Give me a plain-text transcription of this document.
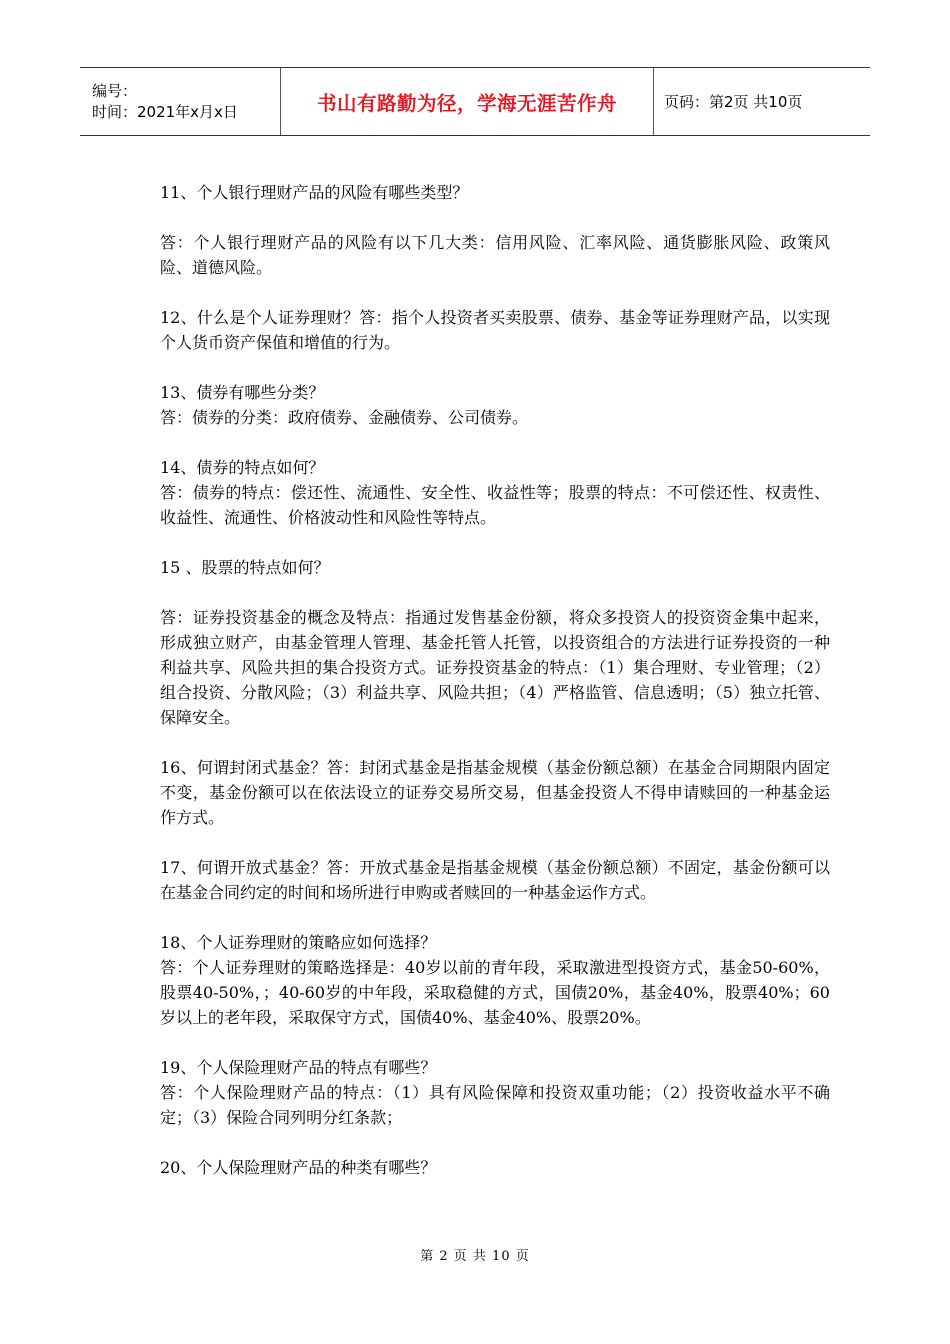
编号：
时间：2021年x月x日	书山有路勤为径，学海无涯苦作舟	页码：第2页 共10页

11、个人银行理财产品的风险有哪些类型？

答：个人银行理财产品的风险有以下几大类：信用风险、汇率风险、通货膨胀风险、政策风险、道德风险。

12、什么是个人证券理财？答：指个人投资者买卖股票、债券、基金等证券理财产品，以实现个人货币资产保值和增值的行为。

13、债券有哪些分类？

答：债券的分类：政府债券、金融债券、公司债券。

14、债券的特点如何？

答：债券的特点：偿还性、流通性、安全性、收益性等；股票的特点：不可偿还性、权责性、收益性、流通性、价格波动性和风险性等特点。

15 、股票的特点如何？

答：证券投资基金的概念及特点：指通过发售基金份额，将众多投资人的投资资金集中起来，形成独立财产，由基金管理人管理、基金托管人托管，以投资组合的方法进行证券投资的一种利益共享、风险共担的集合投资方式。证券投资基金的特点：（1）集合理财、专业管理；（2）组合投资、分散风险；（3）利益共享、风险共担；（4）严格监管、信息透明；（5）独立托管、保障安全。

16、何谓封闭式基金？答：封闭式基金是指基金规模（基金份额总额）在基金合同期限内固定不变，基金份额可以在依法设立的证券交易所交易，但基金投资人不得申请赎回的一种基金运作方式。

17、何谓开放式基金？答：开放式基金是指基金规模（基金份额总额）不固定，基金份额可以在基金合同约定的时间和场所进行申购或者赎回的一种基金运作方式。

18、个人证券理财的策略应如何选择？

答：个人证券理财的策略选择是：40岁以前的青年段，采取激进型投资方式，基金50-60%，股票40-50%，；40-60岁的中年段，采取稳健的方式，国债20%，基金40%，股票40%；60岁以上的老年段，采取保守方式，国债40%、基金40%、股票20%。

19、个人保险理财产品的特点有哪些？

答：个人保险理财产品的特点：（1）具有风险保障和投资双重功能；（2）投资收益水平不确定；（3）保险合同列明分红条款；

20、个人保险理财产品的种类有哪些？

第 2 页 共 10 页
